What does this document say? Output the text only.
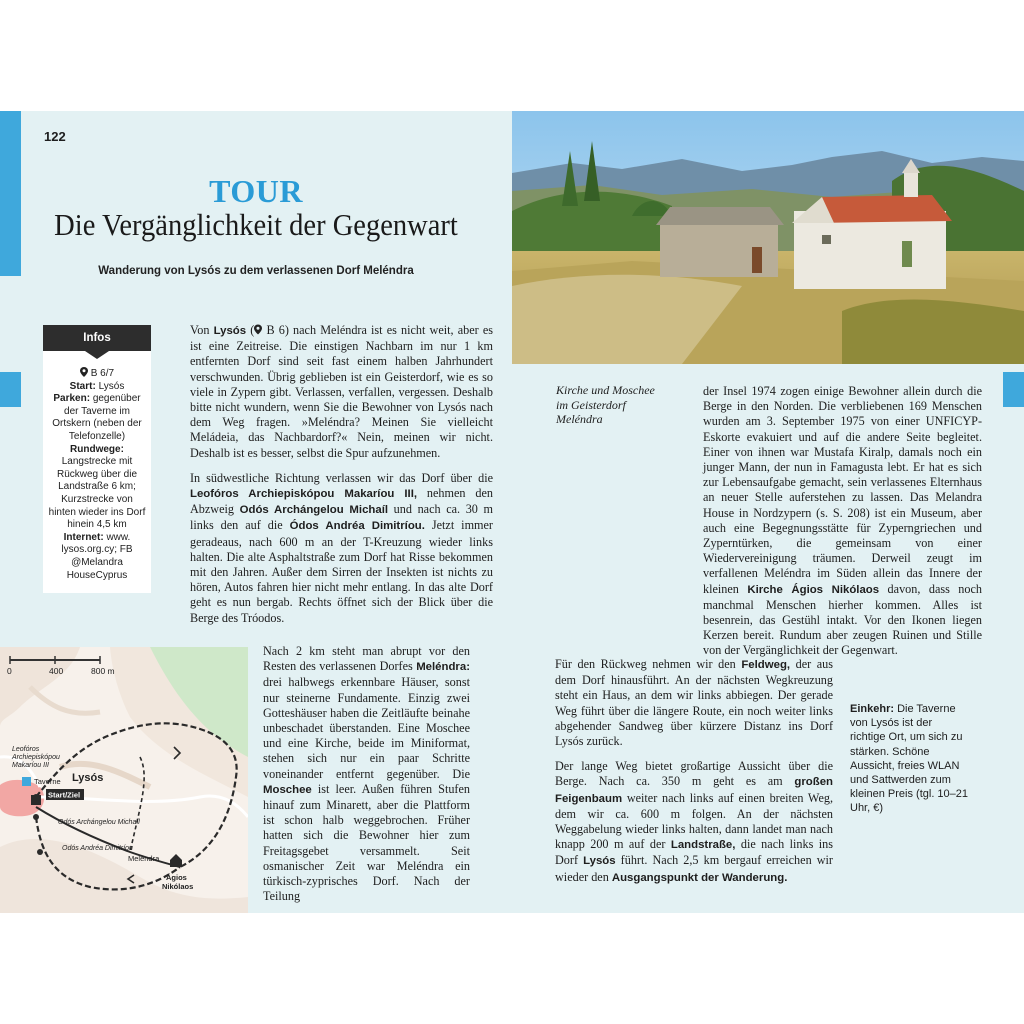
122
TOUR
Die Vergänglichkeit der Gegenwart
Wanderung von Lysós zu dem verlassenen Dorf Meléndra
Infos
B 6/7
Start: Lysós
Parken: gegenüber der Taverne im Ortskern (neben der Telefonzelle)
Rundwege: Langstrecke mit Rückweg über die Landstraße 6 km; Kurzstrecke von hinten wieder ins Dorf hinein 4,5 km
Internet: www. lysos.org.cy; FB @Melandra HouseCyprus

Von Lysós ( B 6) nach Meléndra ist es nicht weit, aber es ist eine Zeitreise. Die einstigen Nachbarn im nur 1 km entfernten Dorf sind seit fast einem halben Jahrhundert verschwunden. Übrig geblieben ist ein Geisterdorf, wie es so viele in Zypern gibt. Verlassen, verfallen, vergessen. Deshalb bitte nicht wundern, wenn Sie die Bewohner von Lysós nach dem Weg fragen. »Meléndra? Meinen Sie vielleicht Meládeia, das Nachbardorf?« Nein, meinen wir nicht. Deshalb ist es besser, selbst die Spur aufzunehmen.

In südwestliche Richtung verlassen wir das Dorf über die Leofóros Archiepiskópou Makaríou III, nehmen den Abzweig Odós Archángelou Michaíl und nach ca. 30 m links den auf die Ódos Andréa Dimitríou. Jetzt immer geradeaus, nach 600 m an der T-Kreuzung wieder links halten. Die alte Asphaltstraße zum Dorf hat Risse bekommen mit den Jahren. Außer dem Sirren der Insekten ist nichts zu hören, Autos fahren hier nicht mehr entlang. In das alte Dorf geht es nun bergab. Rechts öffnet sich der Blick über die Berge des Tróodos.

Nach 2 km steht man abrupt vor den Resten des verlassenen Dorfes Meléndra: drei halbwegs erkennbare Häuser, sonst nur steinerne Fundamente. Einzig zwei Gotteshäuser haben die Zeitläufte beinahe unbeschadet überstanden. Eine Moschee und eine Kirche, beide im Miniformat, stehen sich nur ein paar Schritte voneinander entfernt gegenüber. Die Moschee ist leer. Außen führen Stufen hinauf zum Minarett, aber die Plattform ist schon halb weggebrochen. Früher hatten sich die Bewohner hier zum Freitagsgebet versammelt. Seit osmanischer Zeit war Meléndra ein türkisch-zyprisches Dorf. Nach der Teilung

Kirche und Moschee im Geisterdorf Meléndra

der Insel 1974 zogen einige Bewohner allein durch die Berge in den Norden. Die verbliebenen 169 Menschen wurden am 3. September 1975 von einer UNFICYP-Eskorte evakuiert und auf die andere Seite begleitet. Einer von ihnen war Mustafa Kiralp, damals noch ein junger Mann, der nun in Famagusta lebt. Er hat es sich zur Lebensaufgabe gemacht, sein verlassenes Elternhaus an neuer Stelle auferstehen zu lassen. Das Melandra House in Nordzypern (s. S. 208) ist ein Museum, aber auch eine Begegnungsstätte für Zyperngriechen und Zyperntürken, die gemeinsam von einer Wiedervereinigung träumen. Derweil zeugt im verfallenen Meléndra im Süden allein das Innere der kleinen Kirche Ágios Nikólaos davon, dass noch manchmal Menschen hierher kommen. Alles ist besenrein, das Gestühl intakt. Vor den Ikonen liegen Kerzen bereit. Rundum aber zeugen Ruinen und Stille von der Vergänglichkeit der Gegenwart.

Für den Rückweg nehmen wir den Feldweg, der aus dem Dorf hinausführt. An der nächsten Wegkreuzung steht ein Haus, an dem wir links abbiegen. Der gerade Weg führt über die längere Route, ein noch weiter links abgehender Sandweg über kürzere Distanz ins Dorf Lysós zurück.

Der lange Weg bietet großartige Aussicht über die Berge. Nach ca. 350 m geht es am großen Feigenbaum weiter nach links auf einen breiten Weg, dem wir ca. 600 m folgen. An der nächsten Weggabelung wieder links halten, dann landet man nach knapp 200 m auf der Landstraße, die nach links ins Dorf Lysós führt. Nach 2,5 km bergauf erreichen wir wieder den Ausgangspunkt der Wanderung.

Einkehr: Die Taverne von Lysós ist der richtige Ort, um sich zu stärken. Schöne Aussicht, freies WLAN und Sattwerden zum kleinen Preis (tgl. 10–21 Uhr, €)
0	400	800 m
Start/Ziel
Taverne Lysós
Leofóros
Archiepiskópou
Makaríou III
Odós Archángelou Michaíl
Odós Andréa Dimitríou
Meléndra
Ágios
Nikólaos
